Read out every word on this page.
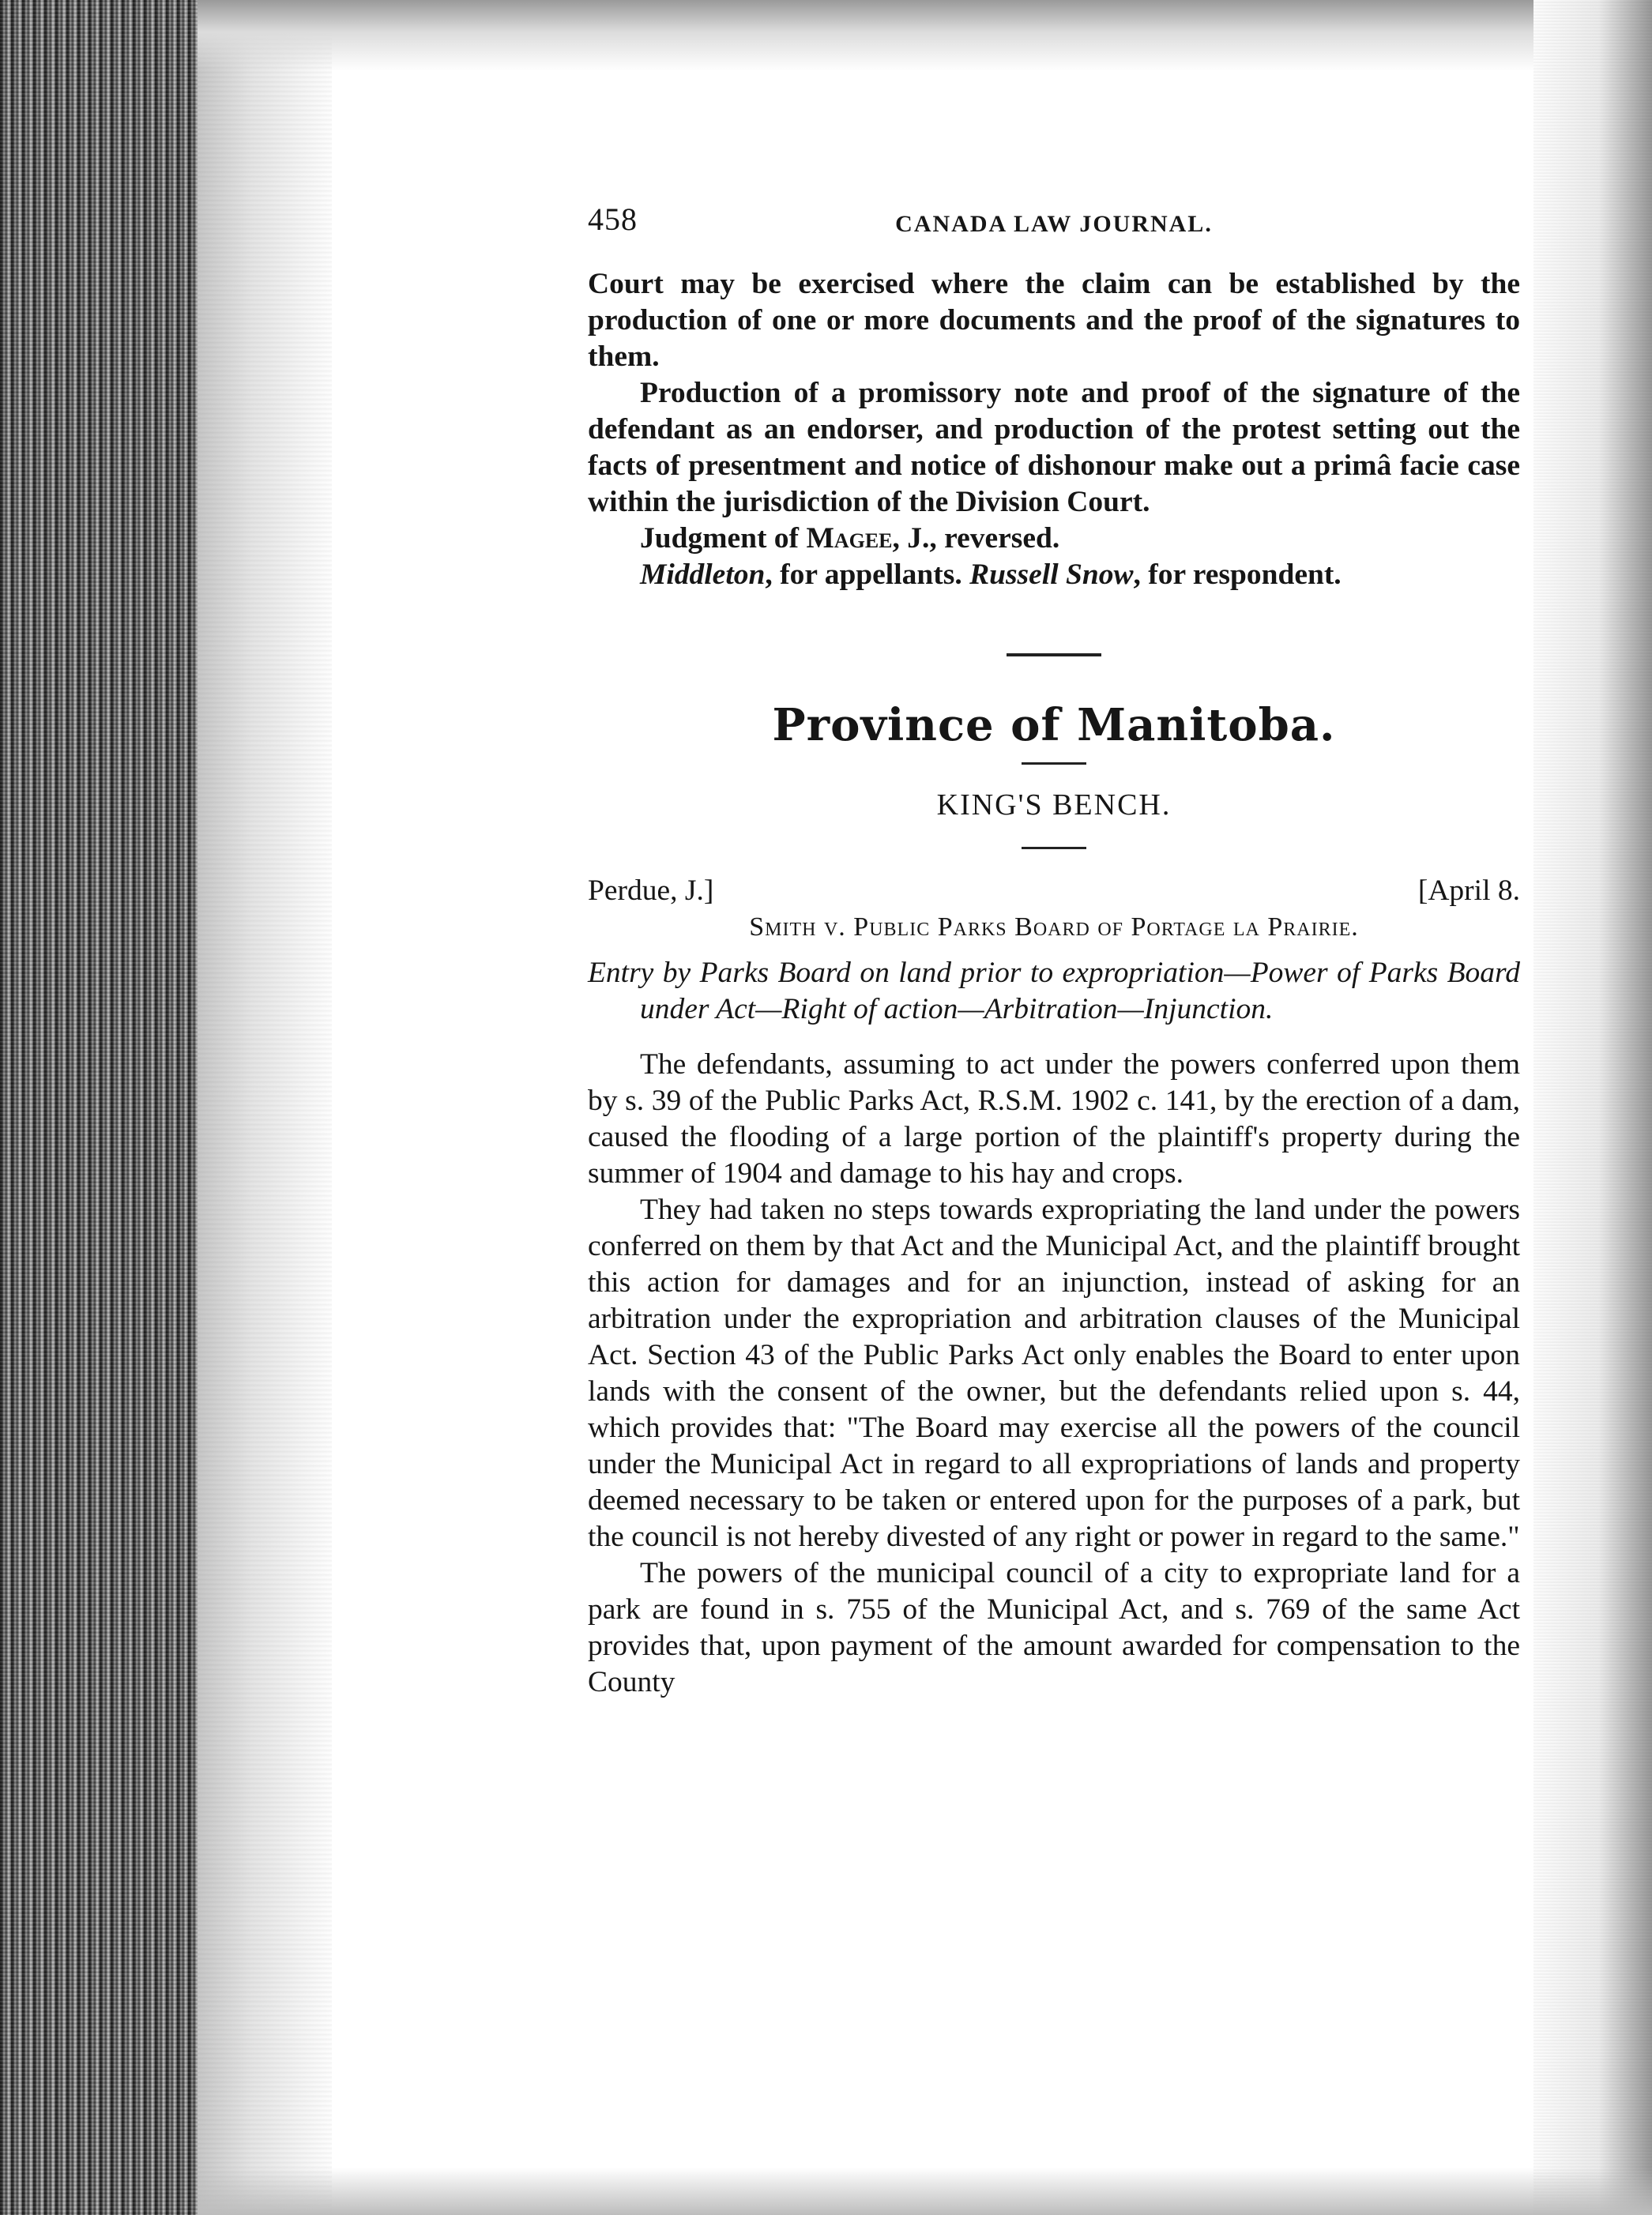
458	CANADA LAW JOURNAL.

Court may be exercised where the claim can be established by the production of one or more documents and the proof of the signatures to them.

Production of a promissory note and proof of the signature of the defendant as an endorser, and production of the protest setting out the facts of presentment and notice of dishonour make out a primâ facie case within the jurisdiction of the Division Court.

Judgment of Magee, J., reversed.

Middleton, for appellants. Russell Snow, for respondent.

Province of Manitoba.
KING'S BENCH.
Perdue, J.]	[April 8.
Smith v. Public Parks Board of Portage la Prairie.

Entry by Parks Board on land prior to expropriation—Power of Parks Board under Act—Right of action—Arbitration—Injunction.

The defendants, assuming to act under the powers conferred upon them by s. 39 of the Public Parks Act, R.S.M. 1902 c. 141, by the erection of a dam, caused the flooding of a large portion of the plaintiff's property during the summer of 1904 and damage to his hay and crops.

They had taken no steps towards expropriating the land under the powers conferred on them by that Act and the Municipal Act, and the plaintiff brought this action for damages and for an injunction, instead of asking for an arbitration under the expropriation and arbitration clauses of the Municipal Act. Section 43 of the Public Parks Act only enables the Board to enter upon lands with the consent of the owner, but the defendants relied upon s. 44, which provides that: "The Board may exercise all the powers of the council under the Municipal Act in regard to all expropriations of lands and property deemed necessary to be taken or entered upon for the purposes of a park, but the council is not hereby divested of any right or power in regard to the same."

The powers of the municipal council of a city to expropriate land for a park are found in s. 755 of the Municipal Act, and s. 769 of the same Act provides that, upon payment of the amount awarded for compensation to the County
